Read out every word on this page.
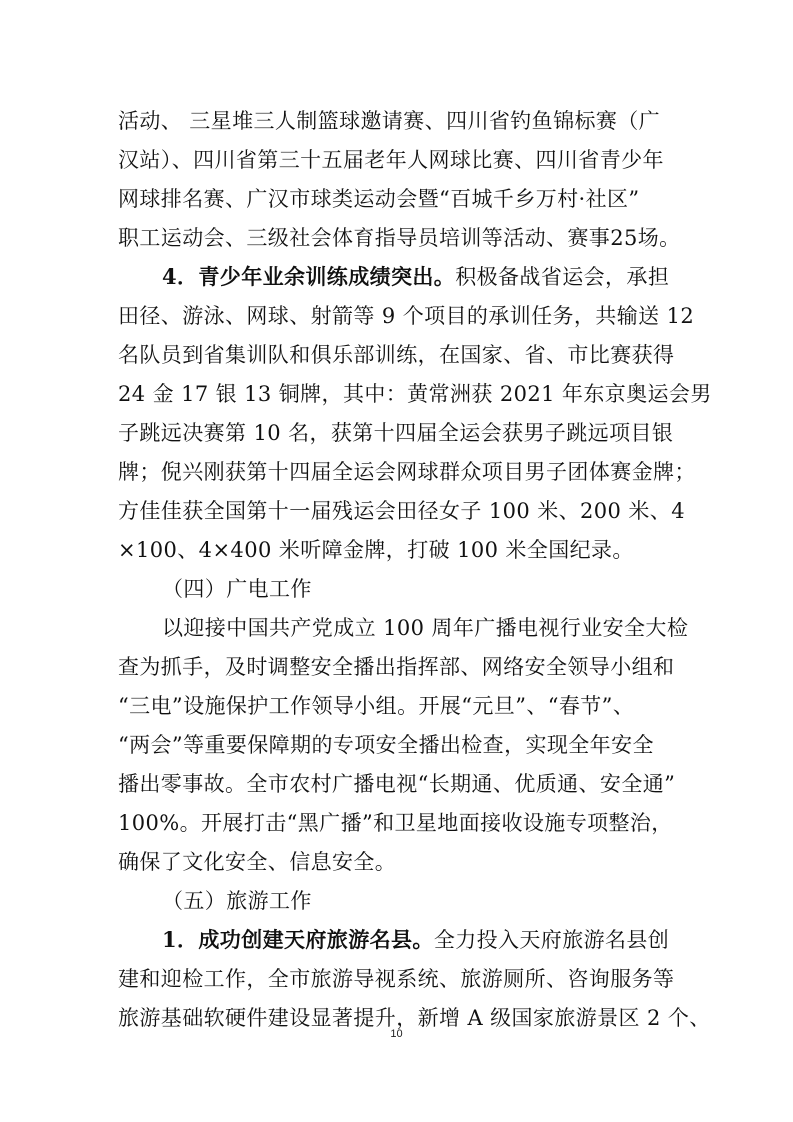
活动、 三星堆三人制篮球邀请赛、四川省钓鱼锦标赛（广
汉站）、四川省第三十五届老年人网球比赛、四川省青少年
网球排名赛、广汉市球类运动会暨“百城千乡万村·社区”
职工运动会、三级社会体育指导员培训等活动、赛事25场。
4．青少年业余训练成绩突出。积极备战省运会，承担
田径、游泳、网球、射箭等 9 个项目的承训任务，共输送 12
名队员到省集训队和俱乐部训练，在国家、省、市比赛获得
24 金 17 银 13 铜牌，其中：黄常洲获 2021 年东京奥运会男
子跳远决赛第 10 名，获第十四届全运会获男子跳远项目银
牌；倪兴刚获第十四届全运会网球群众项目男子团体赛金牌；
方佳佳获全国第十一届残运会田径女子 100 米、200 米、4
×100、4×400 米听障金牌，打破 100 米全国纪录。
（四）广电工作
以迎接中国共产党成立 100 周年广播电视行业安全大检
查为抓手，及时调整安全播出指挥部、网络安全领导小组和
“三电”设施保护工作领导小组。开展“元旦”、“春节”、
“两会”等重要保障期的专项安全播出检查，实现全年安全
播出零事故。全市农村广播电视“长期通、优质通、安全通”
100%。开展打击“黑广播”和卫星地面接收设施专项整治，
确保了文化安全、信息安全。
（五）旅游工作
1．成功创建天府旅游名县。全力投入天府旅游名县创
建和迎检工作，全市旅游导视系统、旅游厕所、咨询服务等
旅游基础软硬件建设显著提升，新增 A 级国家旅游景区 2 个、
10
